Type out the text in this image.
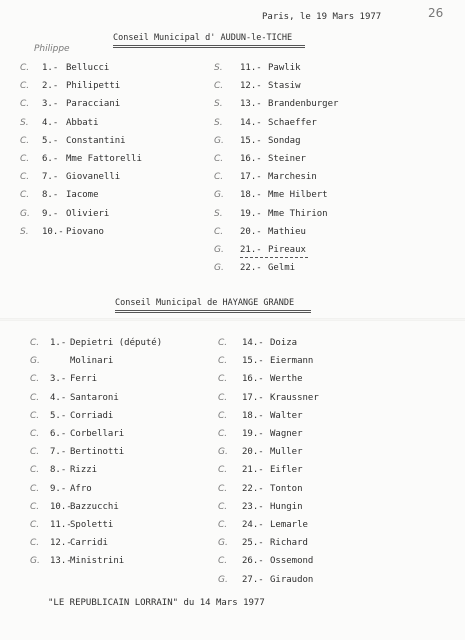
Paris, le 19 Mars 1977	26
Philippe
Conseil Municipal d' AUDUN-le-TICHE
C. 1.- Bellucci
C. 2.- Philipetti
C. 3.- Paracciani
S. 4.- Abbati
C. 5.- Constantini
C. 6.- Mme Fattorelli
C. 7.- Giovanelli
C. 8.- Iacome
G. 9.- Olivieri
S. 10.- Piovano
S. 11.- Pawlik
C. 12.- Stasiw
S. 13.- Brandenburger
S. 14.- Schaeffer
G. 15.- Sondag
C. 16.- Steiner
C. 17.- Marchesin
G. 18.- Mme Hilbert
S. 19.- Mme Thirion
C. 20.- Mathieu
G. 21.- Pireaux
G. 22.- Gelmi
Conseil Municipal de HAYANGE GRANDE
C. 1.- Depietri (député)
G.	Molinari
C. 3.- Ferri
C. 4.- Santaroni
C. 5.- Corriadi
C. 6.- Corbellari
C. 7.- Bertinotti
C. 8.- Rizzi
C. 9.- Afro
C. 10.-
Bazzucchi
C. 11.-
Spoletti
C. 12.-
Carridi
G. 13.-
Ministrini
C. 14.- Doiza
C. 15.- Eiermann
C. 16.- Werthe
C. 17.- Kraussner
C. 18.- Walter
C. 19.- Wagner
G. 20.- Muller
C. 21.- Eifler
C. 22.- Tonton
C. 23.- Hungin
C. 24.- Lemarle
G. 25.- Richard
C. 26.- Ossemond
G. 27.- Giraudon
"LE REPUBLICAIN LORRAIN" du 14 Mars 1977
